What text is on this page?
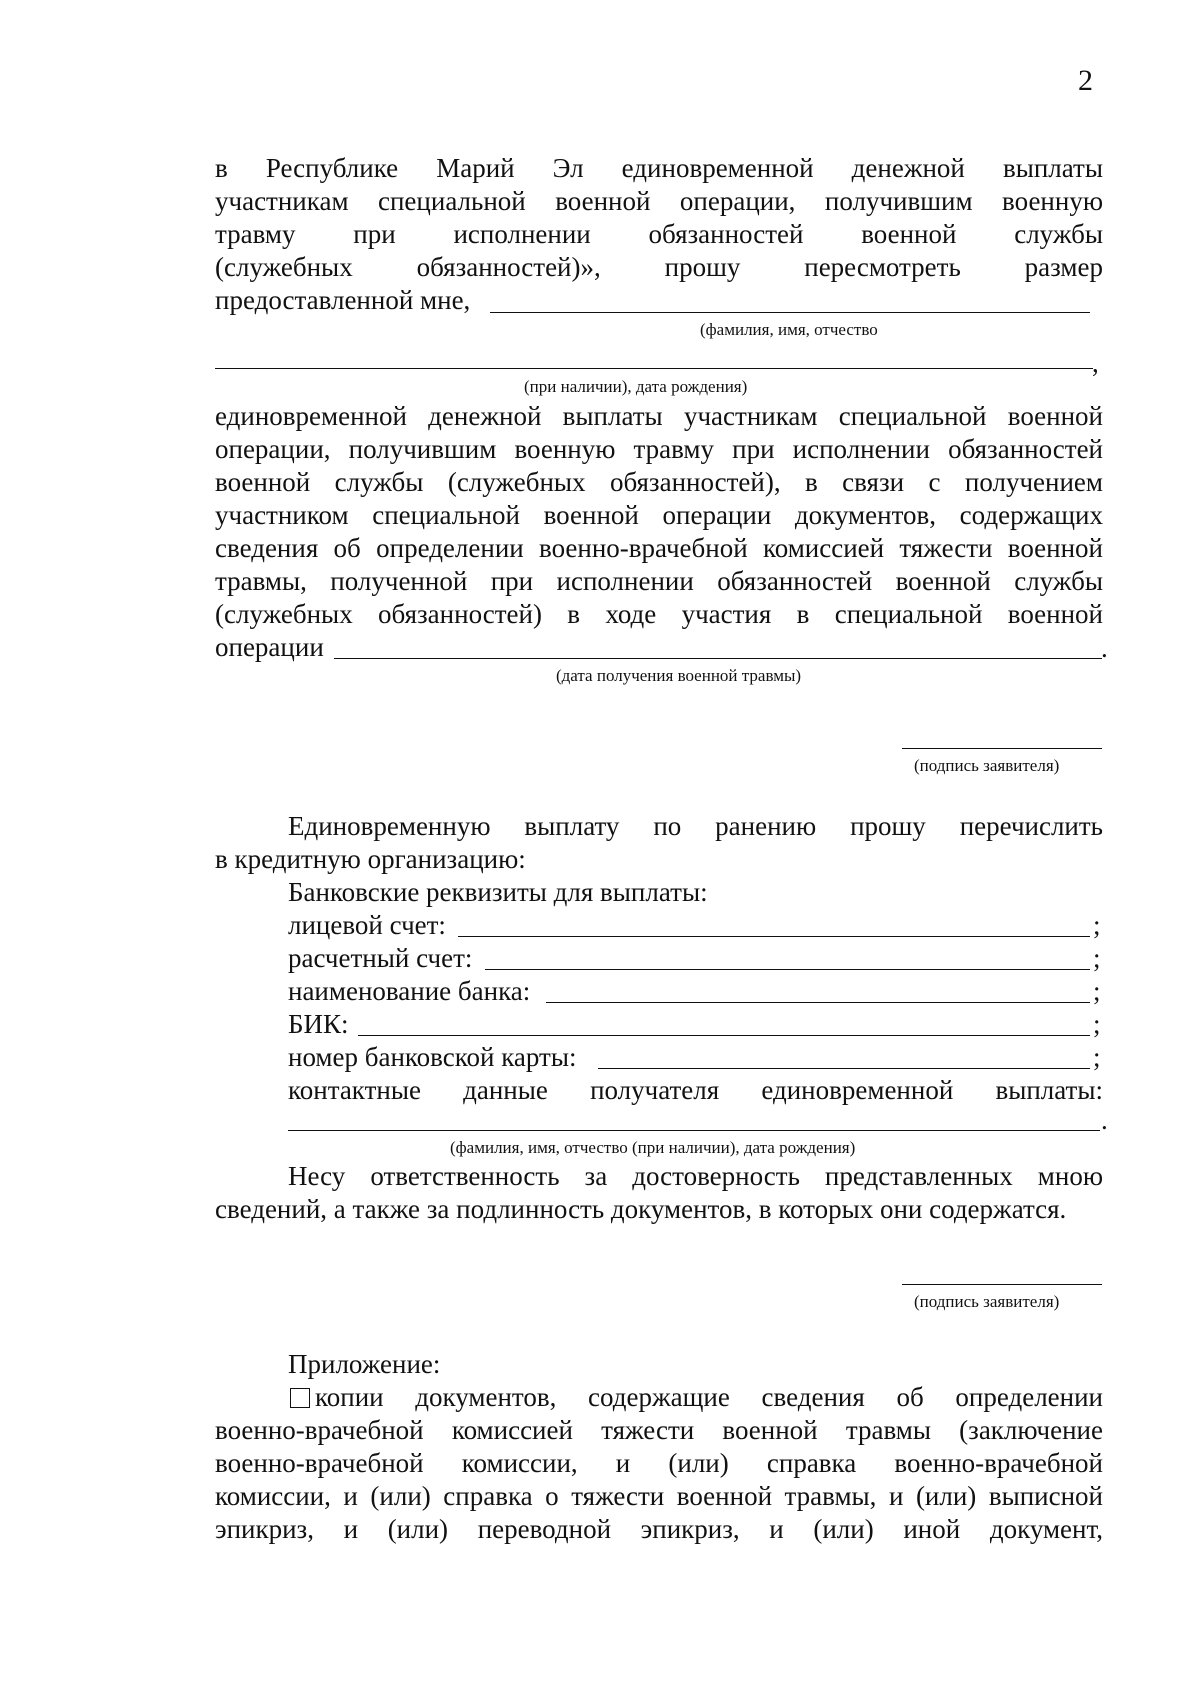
2
в Республике Марий Эл единовременной денежной выплаты
участникам специальной военной операции, получившим военную
травму при исполнении обязанностей военной службы
(служебных обязанностей)», прошу пересмотреть размер
предоставленной мне,
(фамилия, имя, отчество
,
(при наличии), дата рождения)
единовременной денежной выплаты участникам специальной военной
операции, получившим военную травму при исполнении обязанностей
военной службы (служебных обязанностей), в связи с получением
участником специальной военной операции документов, содержащих
сведения об определении военно-врачебной комиссией тяжести военной
травмы, полученной при исполнении обязанностей военной службы
(служебных обязанностей) в ходе участия в специальной военной
операции	.
(дата получения военной травмы)
(подпись заявителя)
Единовременную выплату по ранению прошу перечислить
в кредитную организацию:
Банковские реквизиты для выплаты:
лицевой счет:	;
расчетный счет:	;
наименование банка:	;
БИК:	;
номер банковской карты:	;
контактные данные получателя единовременной выплаты:
.
(фамилия, имя, отчество (при наличии), дата рождения)
Несу ответственность за достоверность представленных мною
сведений, а также за подлинность документов, в которых они содержатся.
(подпись заявителя)
Приложение:
копии документов, содержащие сведения об определении
военно-врачебной комиссией тяжести военной травмы (заключение
военно-врачебной комиссии, и (или) справка военно-врачебной
комиссии, и (или) справка о тяжести военной травмы, и (или) выписной
эпикриз, и (или) переводной эпикриз, и (или) иной документ,
